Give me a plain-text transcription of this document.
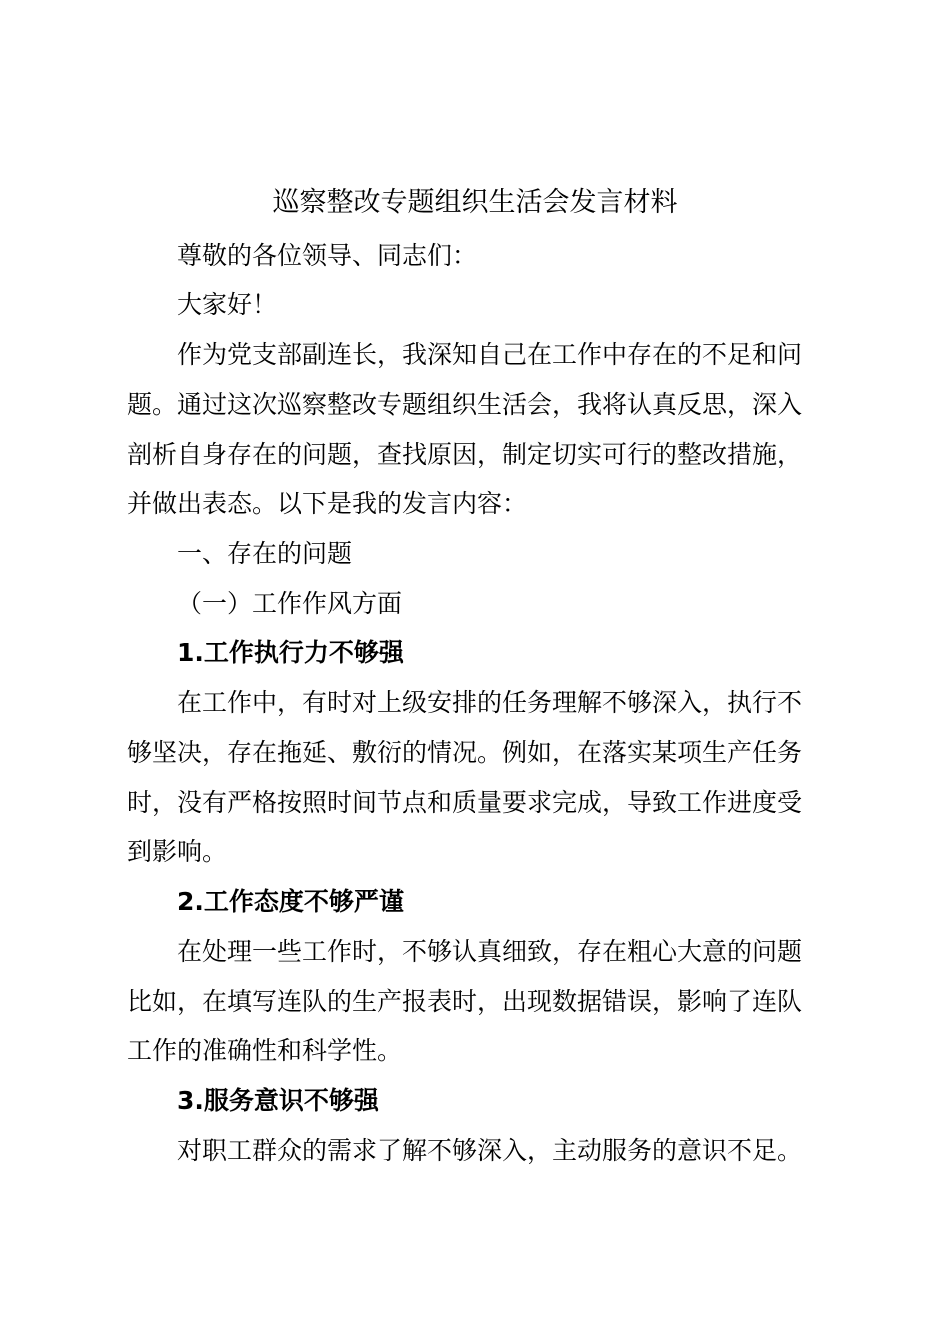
巡察整改专题组织生活会发言材料
尊敬的各位领导、同志们：
大家好！
作为党支部副连长，我深知自己在工作中存在的不足和问
题。通过这次巡察整改专题组织生活会，我将认真反思，深入
剖析自身存在的问题，查找原因，制定切实可行的整改措施，
并做出表态。以下是我的发言内容：
一、存在的问题
（一）工作作风方面
1.工作执行力不够强
在工作中，有时对上级安排的任务理解不够深入，执行不
够坚决，存在拖延、敷衍的情况。例如，在落实某项生产任务
时，没有严格按照时间节点和质量要求完成，导致工作进度受
到影响。
2.工作态度不够严谨
在处理一些工作时，不够认真细致，存在粗心大意的问题
比如，在填写连队的生产报表时，出现数据错误，影响了连队
工作的准确性和科学性。
3.服务意识不够强
对职工群众的需求了解不够深入，主动服务的意识不足。
